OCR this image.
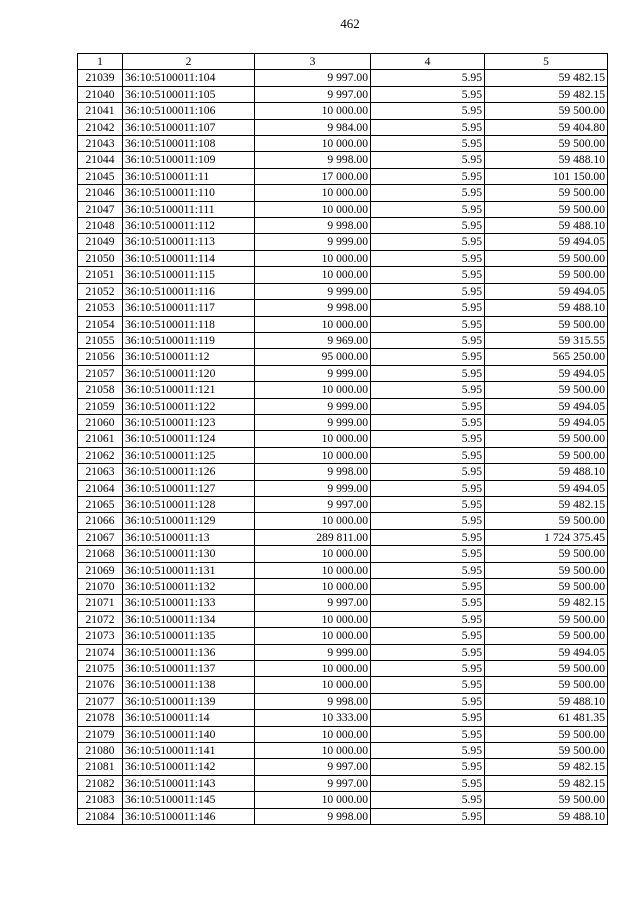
462
1	2	3	4	5
21039	36:10:5100011:104	9 997.00	5.95	59 482.15
21040	36:10:5100011:105	9 997.00	5.95	59 482.15
21041	36:10:5100011:106	10 000.00	5.95	59 500.00
21042	36:10:5100011:107	9 984.00	5.95	59 404.80
21043	36:10:5100011:108	10 000.00	5.95	59 500.00
21044	36:10:5100011:109	9 998.00	5.95	59 488.10
21045	36:10:5100011:11	17 000.00	5.95	101 150.00
21046	36:10:5100011:110	10 000.00	5.95	59 500.00
21047	36:10:5100011:111	10 000.00	5.95	59 500.00
21048	36:10:5100011:112	9 998.00	5.95	59 488.10
21049	36:10:5100011:113	9 999.00	5.95	59 494.05
21050	36:10:5100011:114	10 000.00	5.95	59 500.00
21051	36:10:5100011:115	10 000.00	5.95	59 500.00
21052	36:10:5100011:116	9 999.00	5.95	59 494.05
21053	36:10:5100011:117	9 998.00	5.95	59 488.10
21054	36:10:5100011:118	10 000.00	5.95	59 500.00
21055	36:10:5100011:119	9 969.00	5.95	59 315.55
21056	36:10:5100011:12	95 000.00	5.95	565 250.00
21057	36:10:5100011:120	9 999.00	5.95	59 494.05
21058	36:10:5100011:121	10 000.00	5.95	59 500.00
21059	36:10:5100011:122	9 999.00	5.95	59 494.05
21060	36:10:5100011:123	9 999.00	5.95	59 494.05
21061	36:10:5100011:124	10 000.00	5.95	59 500.00
21062	36:10:5100011:125	10 000.00	5.95	59 500.00
21063	36:10:5100011:126	9 998.00	5.95	59 488.10
21064	36:10:5100011:127	9 999.00	5.95	59 494.05
21065	36:10:5100011:128	9 997.00	5.95	59 482.15
21066	36:10:5100011:129	10 000.00	5.95	59 500.00
21067	36:10:5100011:13	289 811.00	5.95	1 724 375.45
21068	36:10:5100011:130	10 000.00	5.95	59 500.00
21069	36:10:5100011:131	10 000.00	5.95	59 500.00
21070	36:10:5100011:132	10 000.00	5.95	59 500.00
21071	36:10:5100011:133	9 997.00	5.95	59 482.15
21072	36:10:5100011:134	10 000.00	5.95	59 500.00
21073	36:10:5100011:135	10 000.00	5.95	59 500.00
21074	36:10:5100011:136	9 999.00	5.95	59 494.05
21075	36:10:5100011:137	10 000.00	5.95	59 500.00
21076	36:10:5100011:138	10 000.00	5.95	59 500.00
21077	36:10:5100011:139	9 998.00	5.95	59 488.10
21078	36:10:5100011:14	10 333.00	5.95	61 481.35
21079	36:10:5100011:140	10 000.00	5.95	59 500.00
21080	36:10:5100011:141	10 000.00	5.95	59 500.00
21081	36:10:5100011:142	9 997.00	5.95	59 482.15
21082	36:10:5100011:143	9 997.00	5.95	59 482.15
21083	36:10:5100011:145	10 000.00	5.95	59 500.00
21084	36:10:5100011:146	9 998.00	5.95	59 488.10
